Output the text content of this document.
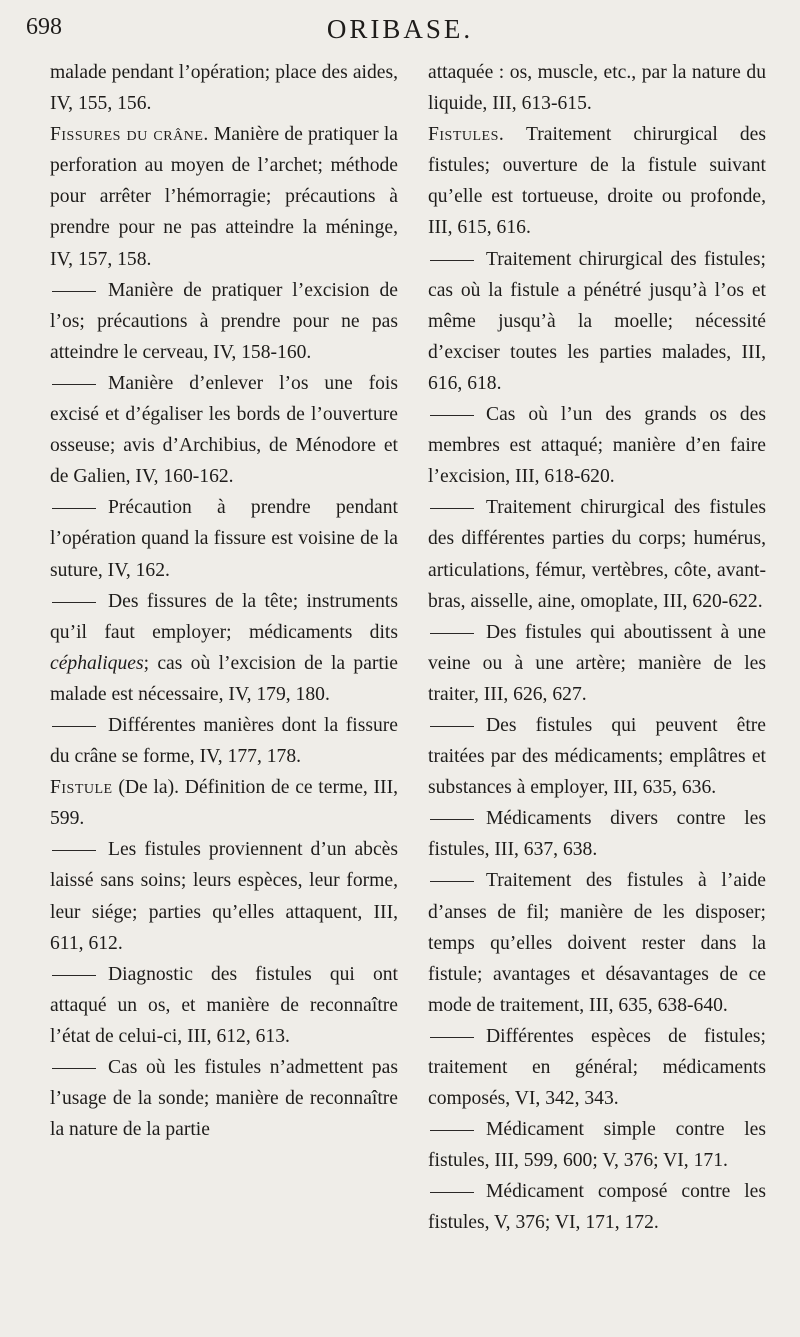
698	ORIBASE.

malade pendant l’opération; place des aides, IV, 155, 156.

Fissures du crâne. Manière de pratiquer la perforation au moyen de l’archet; méthode pour arrêter l’hémorragie; précautions à prendre pour ne pas atteindre la méninge, IV, 157, 158.

Manière de pratiquer l’excision de l’os; précautions à prendre pour ne pas atteindre le cerveau, IV, 158-160.

Manière d’enlever l’os une fois excisé et d’égaliser les bords de l’ouverture osseuse; avis d’Archibius, de Ménodore et de Galien, IV, 160-162.

Précaution à prendre pendant l’opération quand la fissure est voisine de la suture, IV, 162.

Des fissures de la tête; instruments qu’il faut employer; médicaments dits céphaliques; cas où l’excision de la partie malade est nécessaire, IV, 179, 180.

Différentes manières dont la fissure du crâne se forme, IV, 177, 178.

Fistule (De la). Définition de ce terme, III, 599.

Les fistules proviennent d’un abcès laissé sans soins; leurs espèces, leur forme, leur siége; parties qu’elles attaquent, III, 611, 612.

Diagnostic des fistules qui ont attaqué un os, et manière de reconnaître l’état de celui-ci, III, 612, 613.

Cas où les fistules n’admettent pas l’usage de la sonde; manière de reconnaître la nature de la partie

attaquée : os, muscle, etc., par la nature du liquide, III, 613-615.

Fistules. Traitement chirurgical des fistules; ouverture de la fistule suivant qu’elle est tortueuse, droite ou profonde, III, 615, 616.

Traitement chirurgical des fistules; cas où la fistule a pénétré jusqu’à l’os et même jusqu’à la moelle; nécessité d’exciser toutes les parties malades, III, 616, 618.

Cas où l’un des grands os des membres est attaqué; manière d’en faire l’excision, III, 618-620.

Traitement chirurgical des fistules des différentes parties du corps; humérus, articulations, fémur, vertèbres, côte, avant-bras, aisselle, aine, omoplate, III, 620-622.

Des fistules qui aboutissent à une veine ou à une artère; manière de les traiter, III, 626, 627.

Des fistules qui peuvent être traitées par des médicaments; emplâtres et substances à employer, III, 635, 636.

Médicaments divers contre les fistules, III, 637, 638.

Traitement des fistules à l’aide d’anses de fil; manière de les disposer; temps qu’elles doivent rester dans la fistule; avantages et désavantages de ce mode de traitement, III, 635, 638-640.

Différentes espèces de fistules; traitement en général; médicaments composés, VI, 342, 343.

Médicament simple contre les fistules, III, 599, 600; V, 376; VI, 171.

Médicament composé contre les fistules, V, 376; VI, 171, 172.
